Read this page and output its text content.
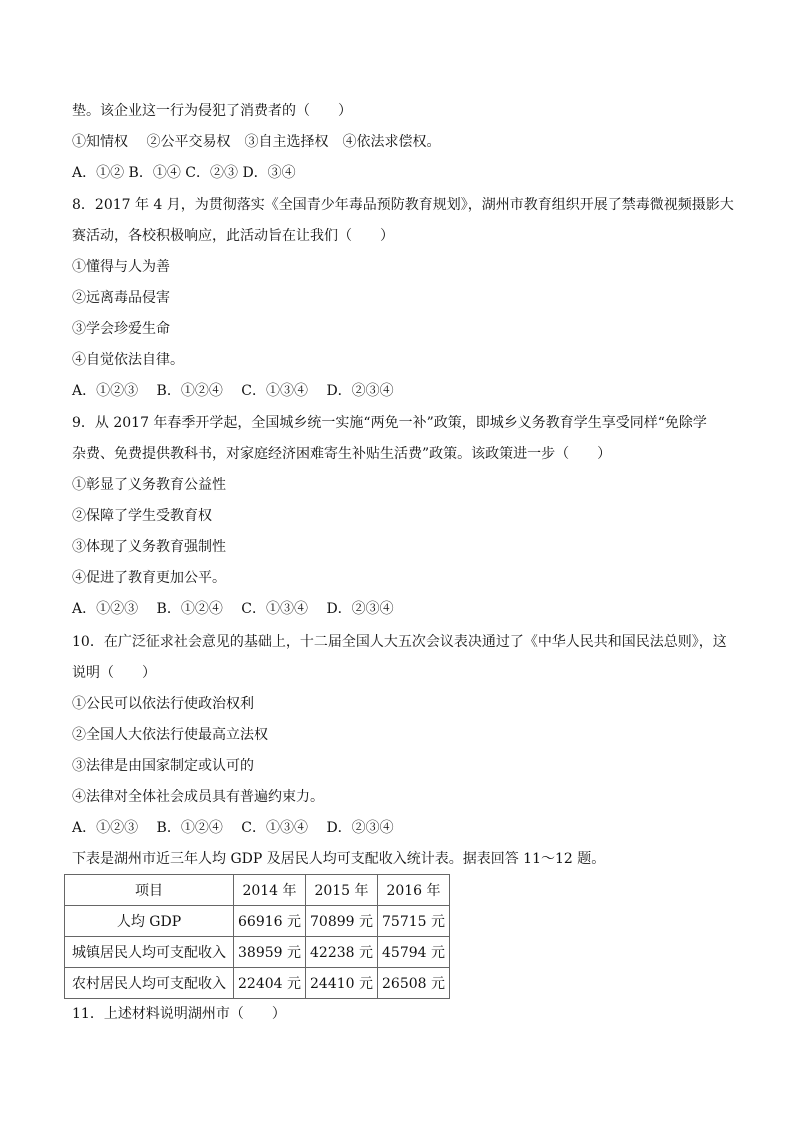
垫。该企业这一行为侵犯了消费者的（　　）
①知情权　 ②公平交易权　③自主选择权　④依法求偿权。
A．①② B．①④ C．②③ D．③④
8．2017 年 4 月，为贯彻落实《全国青少年毒品预防教育规划》，湖州市教育组织开展了禁毒微视频摄影大
赛活动，各校积极响应，此活动旨在让我们（　　）
①懂得与人为善
②远离毒品侵害
③学会珍爱生命
④自觉依法自律。
A．①②③　 B．①②④　 C．①③④　 D．②③④
9．从 2017 年春季开学起，全国城乡统一实施“两免一补”政策，即城乡义务教育学生享受同样“免除学
杂费、免费提供教科书，对家庭经济困难寄生补贴生活费”政策。该政策进一步（　　）
①彰显了义务教育公益性
②保障了学生受教育权
③体现了义务教育强制性
④促进了教育更加公平。
A．①②③　 B．①②④　 C．①③④　 D．②③④
10．在广泛征求社会意见的基础上，十二届全国人大五次会议表决通过了《中华人民共和国民法总则》，这
说明（　　）
①公民可以依法行使政治权利
②全国人大依法行使最高立法权
③法律是由国家制定或认可的
④法律对全体社会成员具有普遍约束力。
A．①②③　 B．①②④　 C．①③④　 D．②③④
下表是湖州市近三年人均 GDP 及居民人均可支配收入统计表。据表回答 11～12 题。
项目	2014 年	2015 年	2016 年
人均 GDP	66916 元	70899 元	75715 元
城镇居民人均可支配收入	38959 元	42238 元	45794 元
农村居民人均可支配收入	22404 元	24410 元	26508 元
11．上述材料说明湖州市（　　）
